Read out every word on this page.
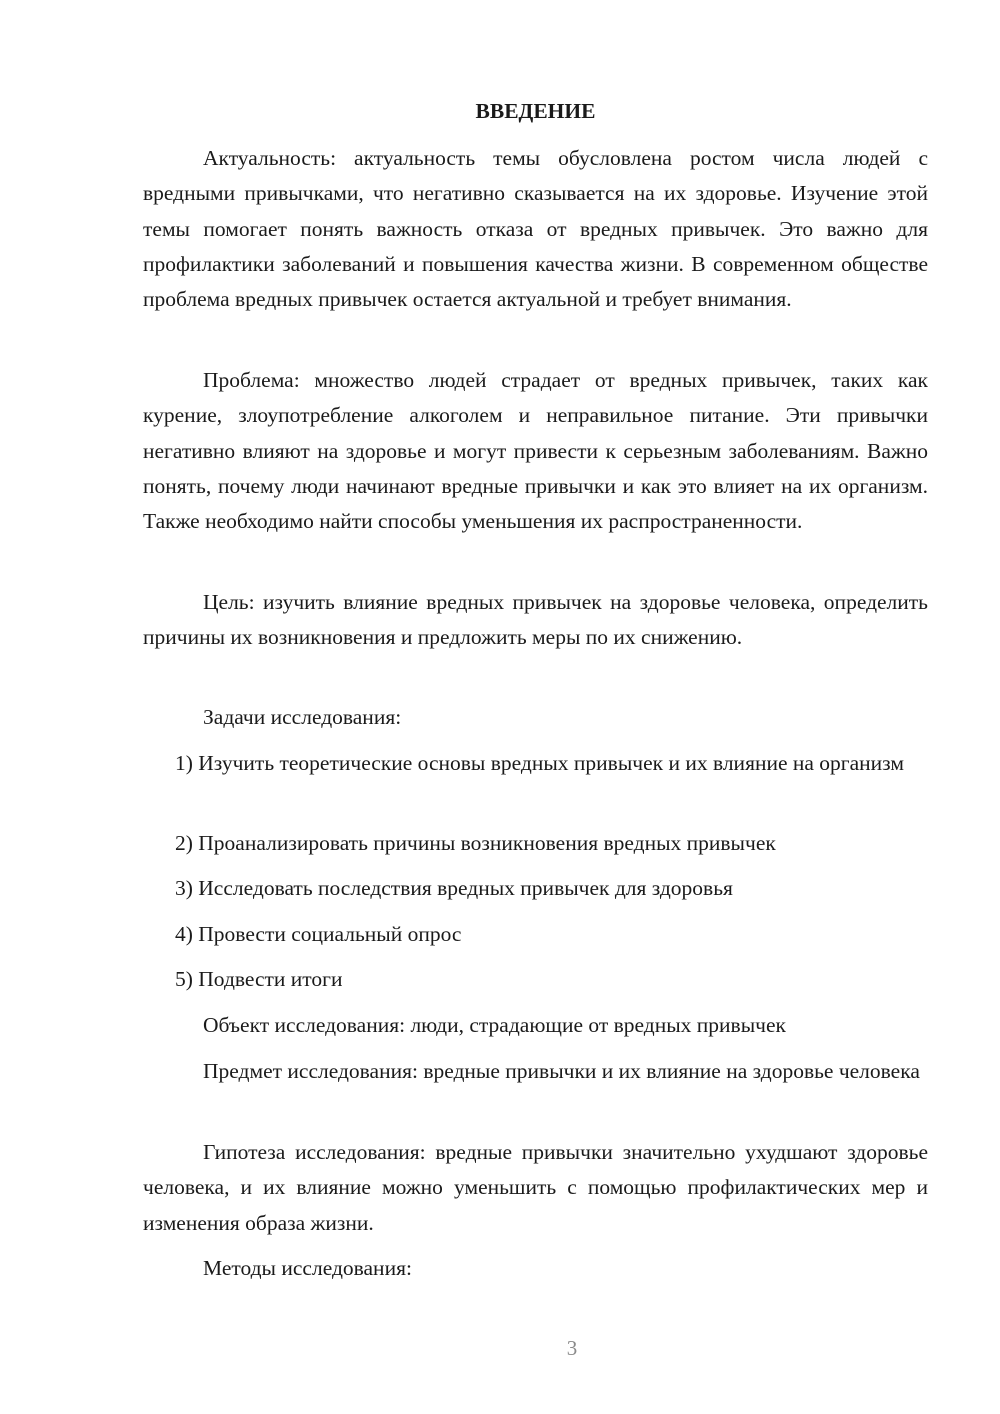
ВВЕДЕНИЕ

Актуальность: актуальность темы обусловлена ростом числа людей с вредными привычками, что негативно сказывается на их здоровье. Изучение этой темы помогает понять важность отказа от вредных привычек. Это важно для профилактики заболеваний и повышения качества жизни. В современном обществе проблема вредных привычек остается актуальной и требует внимания.

Проблема: множество людей страдает от вредных привычек, таких как курение, злоупотребление алкоголем и неправильное питание. Эти привычки негативно влияют на здоровье и могут привести к серьезным заболеваниям. Важно понять, почему люди начинают вредные привычки и как это влияет на их организм. Также необходимо найти способы уменьшения их распространенности.

Цель: изучить влияние вредных привычек на здоровье человека, определить причины их возникновения и предложить меры по их снижению.

Задачи исследования:

1) Изучить теоретические основы вредных привычек и их влияние на организм

2) Проанализировать причины возникновения вредных привычек

3) Исследовать последствия вредных привычек для здоровья

4) Провести социальный опрос

5) Подвести итоги

Объект исследования: люди, страдающие от вредных привычек

Предмет исследования: вредные привычки и их влияние на здоровье человека

Гипотеза исследования: вредные привычки значительно ухудшают здоровье человека, и их влияние можно уменьшить с помощью профилактических мер и изменения образа жизни.

Методы исследования:

3
